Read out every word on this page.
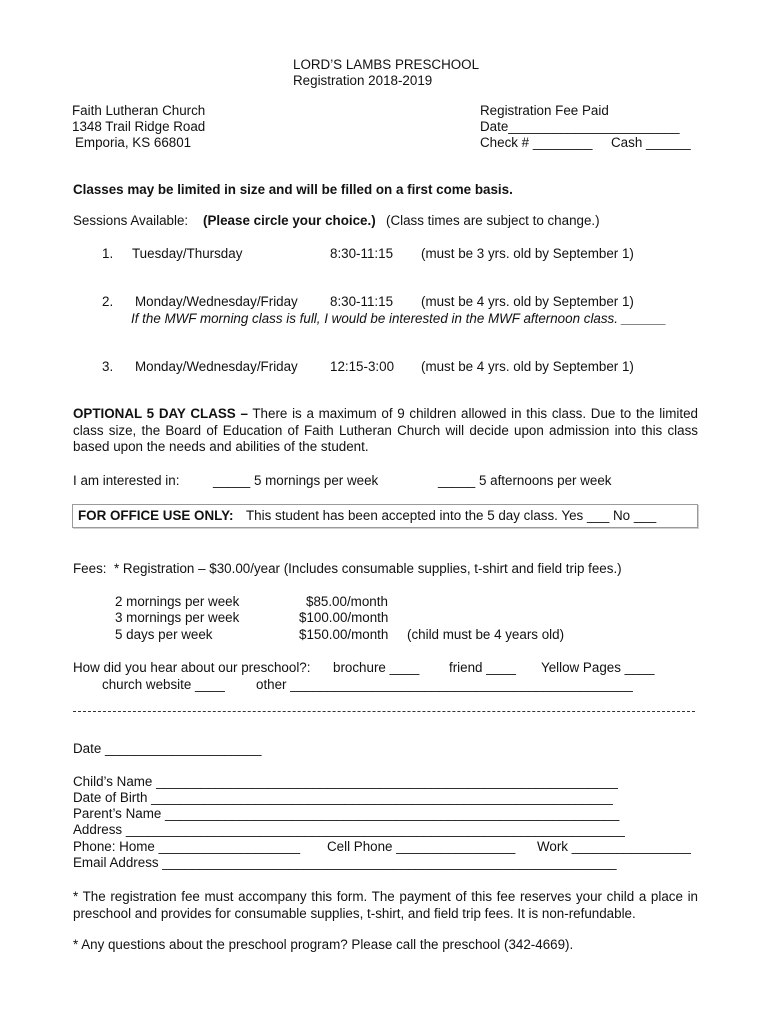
LORD’S LAMBS PRESCHOOL
Registration 2018-2019
Faith Lutheran Church
1348 Trail Ridge Road
Emporia, KS 66801
Registration Fee Paid
Date_______________________
Check # ________ Cash ______
Classes may be limited in size and will be filled on a first come basis.
Sessions Available: (Please circle your choice.) (Class times are subject to change.)
1. Tuesday/Thursday	8:30-11:15 (must be 3 yrs. old by September 1)
2. Monday/Wednesday/Friday 8:30-11:15 (must be 4 yrs. old by September 1)
If the MWF morning class is full, I would be interested in the MWF afternoon class. ______
3. Monday/Wednesday/Friday 12:15-3:00 (must be 4 yrs. old by September 1)
OPTIONAL 5 DAY CLASS – There is a maximum of 9 children allowed in this class. Due to the limited class size, the Board of Education of Faith Lutheran Church will decide upon admission into this class based upon the needs and abilities of the student.
I am interested in:	_____ 5 mornings per week	_____ 5 afternoons per week
FOR OFFICE USE ONLY: This student has been accepted into the 5 day class. Yes ___ No ___
Fees: * Registration – $30.00/year (Includes consumable supplies, t-shirt and field trip fees.)
2 mornings per week	$85.00/month
3 mornings per week	$100.00/month
5 days per week	$150.00/month (child must be 4 years old)
How did you hear about our preschool?: brochure ____ friend ____ Yellow Pages ____
church website ____ other ______________________________________________
Date _____________________
Child’s Name ______________________________________________________________
Date of Birth ______________________________________________________________
Parent’s Name _____________________________________________________________
Address ___________________________________________________________________
Phone: Home ___________________ Cell Phone ________________ Work ________________
Email Address _____________________________________________________________
* The registration fee must accompany this form. The payment of this fee reserves your child a place in preschool and provides for consumable supplies, t-shirt, and field trip fees. It is non-refundable.
* Any questions about the preschool program? Please call the preschool (342-4669).
